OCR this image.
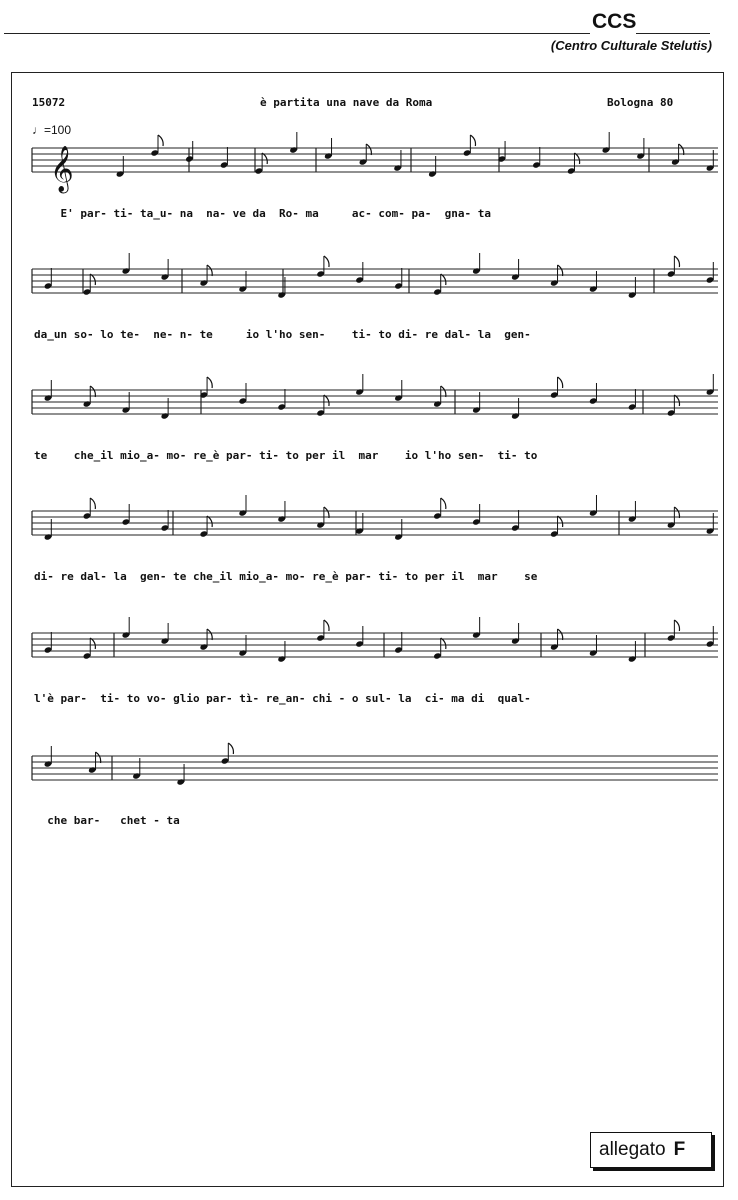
CCS
(Centro Culturale Stelutis)
15072	è partita una nave da Roma	Bologna 80
♩=100
𝄞
E' par- ti- ta_u- na  na- ve da  Ro- ma     ac- com- pa-  gna- ta
da_un so- lo te-  ne- n- te     io l'ho sen-    ti- to di- re dal- la  gen-
te    che_il mio_a- mo- re_è par- ti- to per il  mar    io l'ho sen-  ti- to
di- re dal- la  gen- te che_il mio_a- mo- re_è par- ti- to per il  mar    se
l'è par-  ti- to vo- glio par- tì- re_an- chi - o sul- la  ci- ma di  qual-
che bar-   chet - ta
allegato F
